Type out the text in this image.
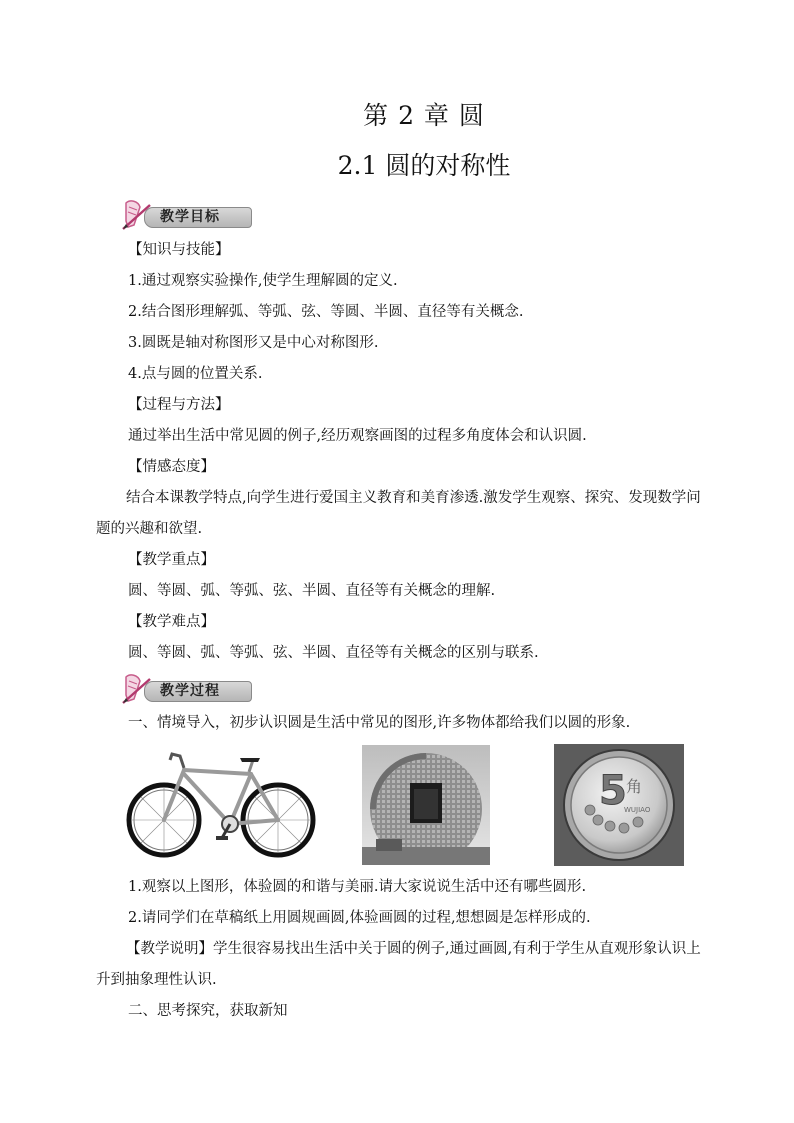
第 2 章 圆
2.1 圆的对称性
教学目标
【知识与技能】
1.通过观察实验操作,使学生理解圆的定义.
2.结合图形理解弧、等弧、弦、等圆、半圆、直径等有关概念.
3.圆既是轴对称图形又是中心对称图形.
4.点与圆的位置关系.
【过程与方法】
通过举出生活中常见圆的例子,经历观察画图的过程多角度体会和认识圆.
【情感态度】

结合本课教学特点,向学生进行爱国主义教育和美育渗透.激发学生观察、探究、发现数学问题的兴趣和欲望.

【教学重点】
圆、等圆、弧、等弧、弦、半圆、直径等有关概念的理解.
【教学难点】
圆、等圆、弧、等弧、弦、半圆、直径等有关概念的区别与联系.
教学过程
一、情境导入，初步认识圆是生活中常见的图形,许多物体都给我们以圆的形象.
5 角
WUJIAO
1.观察以上图形，体验圆的和谐与美丽.请大家说说生活中还有哪些圆形.
2.请同学们在草稿纸上用圆规画圆,体验画圆的过程,想想圆是怎样形成的.

【教学说明】学生很容易找出生活中关于圆的例子,通过画圆,有利于学生从直观形象认识上升到抽象理性认识.

二、思考探究，获取新知
